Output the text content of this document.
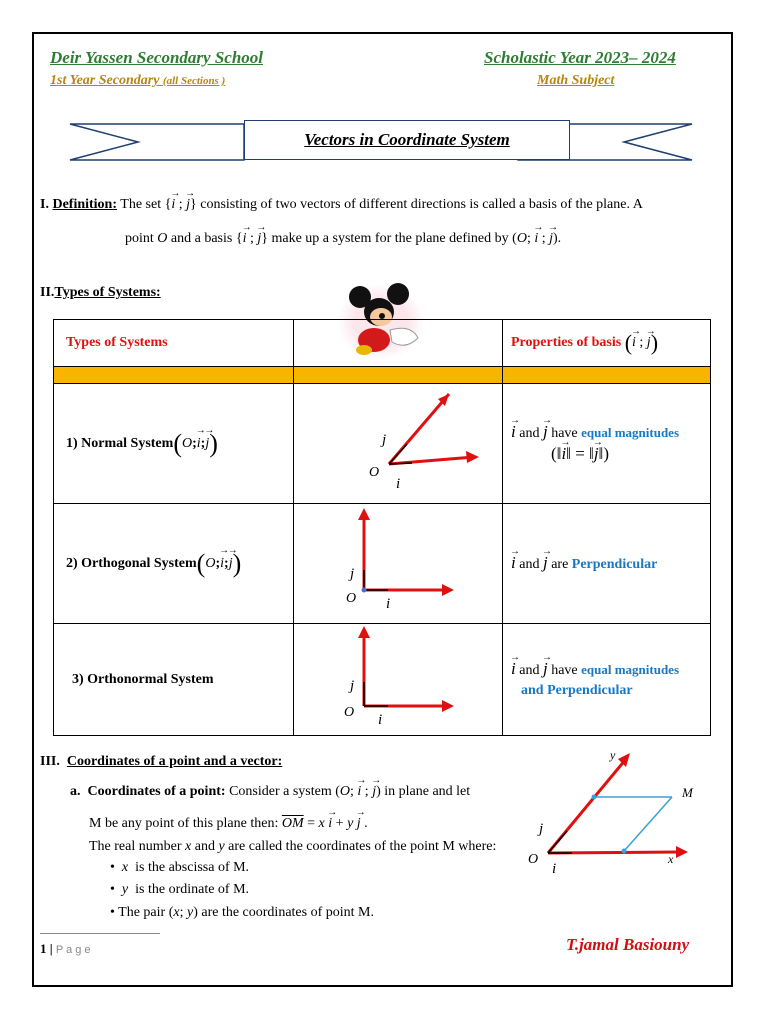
Deir Yassen Secondary School	Scholastic Year 2023– 2024
1st Year Secondary (all Sections )	Math Subject
Vectors in Coordinate System
I. Definition: The set {→ i ; → j} consisting of two vectors of different directions is called a basis of the plane. A
point O and a basis {→ i ; → j} make up a system for the plane defined by (O; → i ; → j).
II.Types of Systems:
Types of Systems		Properties of basis (→ i ; → j)

1) Normal System(O;→ i;→ j)	j
O
i	→ i and → j have equal magnitudes
(‖→ i‖ = ‖→ j‖)
2) Orthogonal System(O;→ i;→ j)	j
O i	→ i and → j are Perpendicular
3) Orthonormal System	j
O i	→ i and → j have equal magnitudes
and Perpendicular
III. Coordinates of a point and a vector:
a. Coordinates of a point: Consider a system (O; → i ; → j) in plane and let
M be any point of this plane then: $\overline{OM} = x \to i + y \to j$ .
The real number x and y are called the coordinates of the point M where:
•  x is the abscissa of M.
•  y is the ordinate of M.
• The pair (x; y) are the coordinates of point M.
y
M
x
j
O
i
1 | P a g e	T.jamal Basiouny
